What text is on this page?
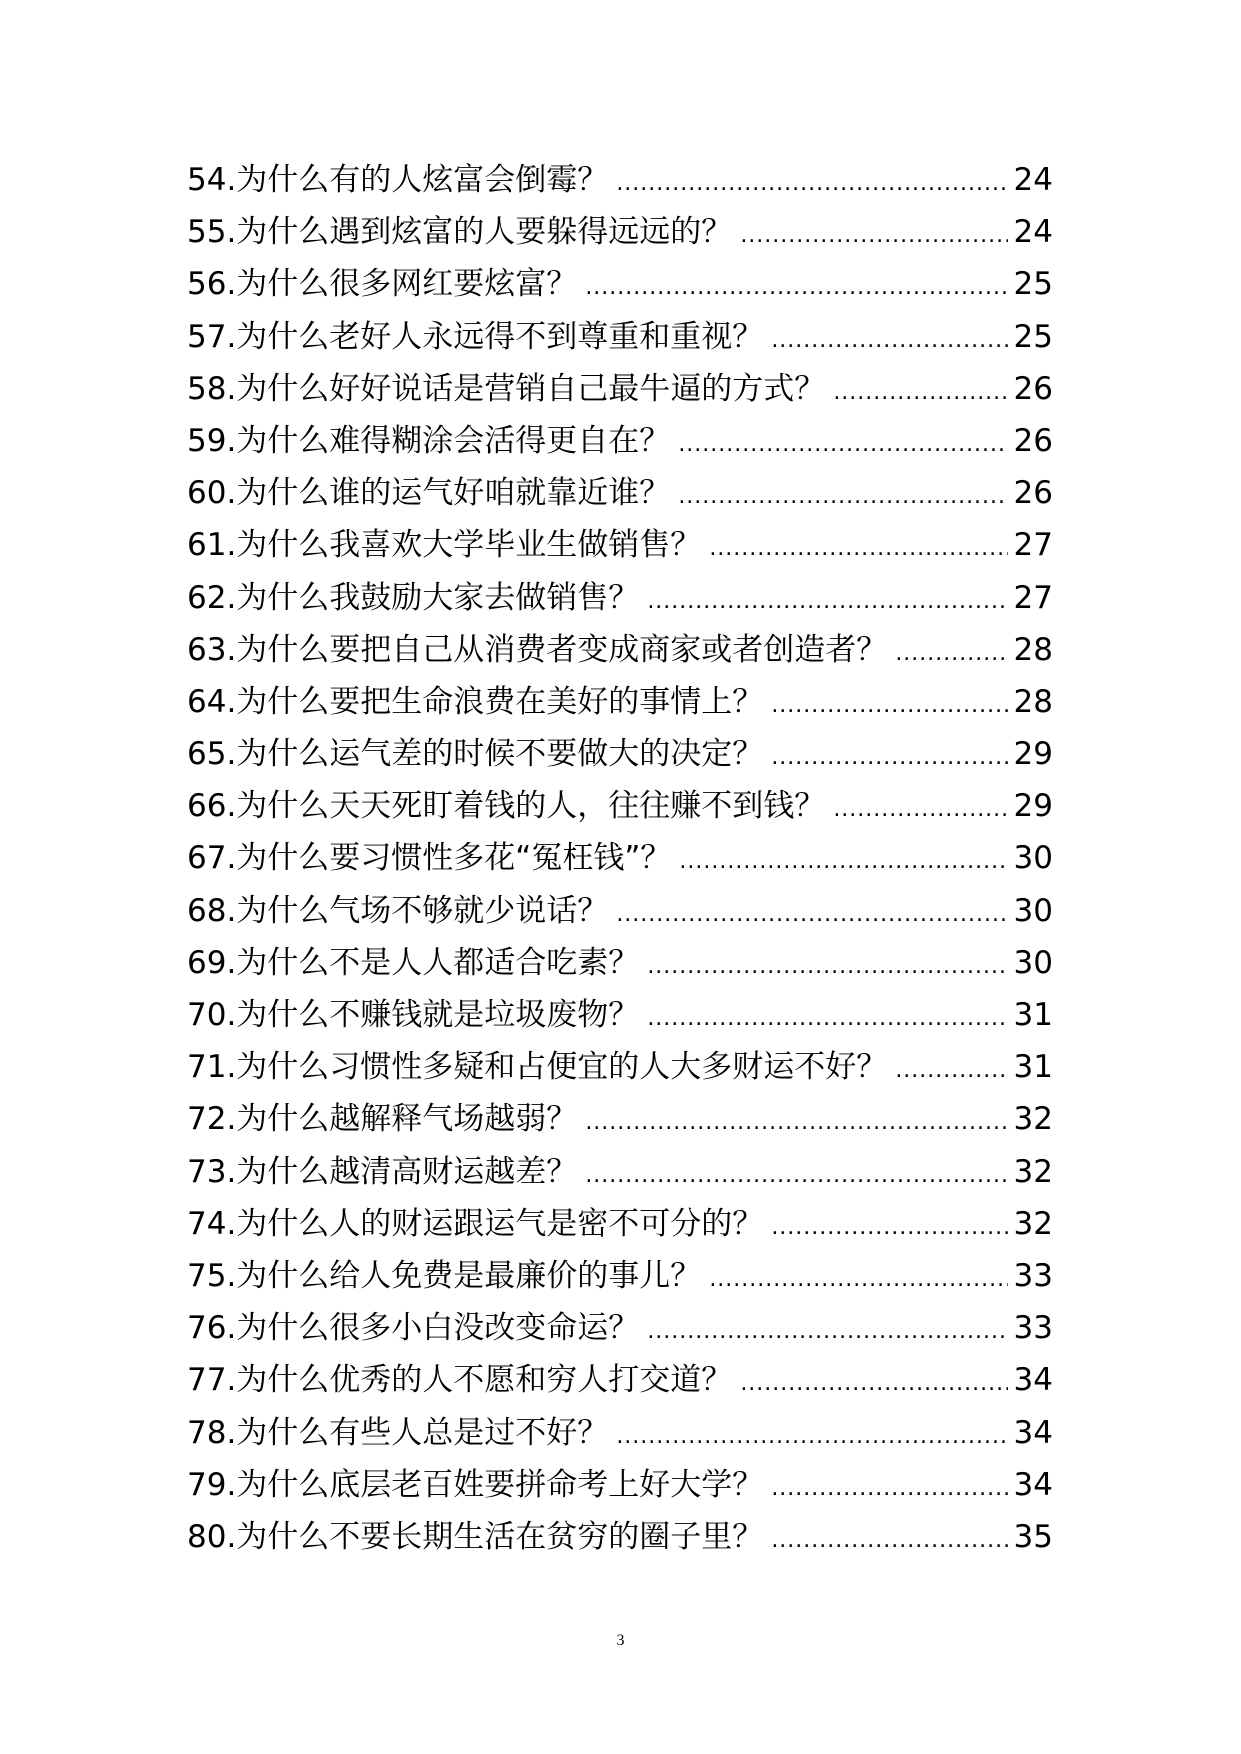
54.为什么有的人炫富会倒霉？ .....	24
55.为什么遇到炫富的人要躲得远远的？ .....	24
56.为什么很多网红要炫富？ .....	25
57.为什么老好人永远得不到尊重和重视？ .....	25
58.为什么好好说话是营销自己最牛逼的方式？ .....	26
59.为什么难得糊涂会活得更自在？ .....	26
60.为什么谁的运气好咱就靠近谁？ .....	26
61.为什么我喜欢大学毕业生做销售？ .....	27
62.为什么我鼓励大家去做销售？ .....	27
63.为什么要把自己从消费者变成商家或者创造者？ .....	28
64.为什么要把生命浪费在美好的事情上？ .....	28
65.为什么运气差的时候不要做大的决定？ .....	29
66.为什么天天死盯着钱的人，往往赚不到钱？ .....	29
67.为什么要习惯性多花“冤枉钱”？ .....	30
68.为什么气场不够就少说话？ .....	30
69.为什么不是人人都适合吃素？ .....	30
70.为什么不赚钱就是垃圾废物？ .....	31
71.为什么习惯性多疑和占便宜的人大多财运不好？ .....	31
72.为什么越解释气场越弱？ .....	32
73.为什么越清高财运越差？ .....	32
74.为什么人的财运跟运气是密不可分的？ .....	32
75.为什么给人免费是最廉价的事儿？ .....	33
76.为什么很多小白没改变命运？ .....	33
77.为什么优秀的人不愿和穷人打交道？ .....	34
78.为什么有些人总是过不好？ .....	34
79.为什么底层老百姓要拼命考上好大学？ .....	34
80.为什么不要长期生活在贫穷的圈子里？ .....	35
3
